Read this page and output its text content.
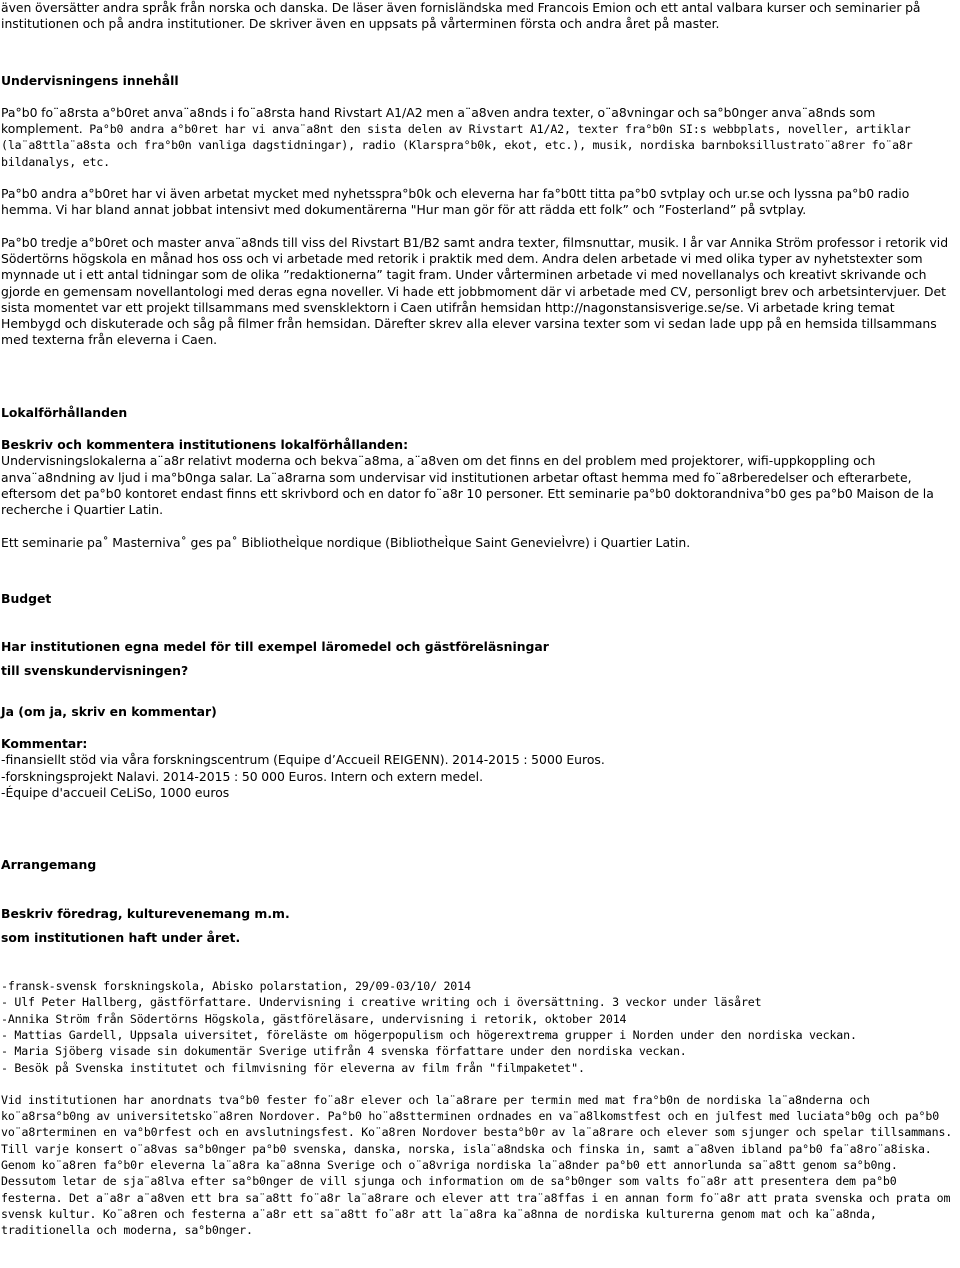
även översätter andra språk från norska och danska. De läser även fornisländska med Francois Emion och ett antal valbara kurser och seminarier på institutionen och på andra institutioner. De skriver även en uppsats på vårterminen första och andra året på master.

Undervisningens innehåll

Pa°b0 fo¨a8rsta a°b0ret anva¨a8nds i fo¨a8rsta hand Rivstart A1/A2 men a¨a8ven andra texter, o¨a8vningar och sa°b0nger anva¨a8nds som komplement. Pa°b0 andra a°b0ret har vi anva¨a8nt den sista delen av Rivstart A1/A2, texter fra°b0n SI:s webbplats, noveller, artiklar (la¨a8ttla¨a8sta och fra°b0n vanliga dagstidningar), radio (Klarspra°b0k, ekot, etc.), musik, nordiska barnboksillustrato¨a8rer fo¨a8r bildanalys, etc.

Pa°b0 andra a°b0ret har vi även arbetat mycket med nyhetsspra°b0k och eleverna har fa°b0tt titta pa°b0 svtplay och ur.se och lyssna pa°b0 radio hemma. Vi har bland annat jobbat intensivt med dokumentärerna "Hur man gör för att rädda ett folk” och ”Fosterland” på svtplay.

Pa°b0 tredje a°b0ret och master anva¨a8nds till viss del Rivstart B1/B2 samt andra texter, filmsnuttar, musik. I år var Annika Ström professor i retorik vid Södertörns högskola en månad hos oss och vi arbetade med retorik i praktik med dem. Andra delen arbetade vi med olika typer av nyhetstexter som mynnade ut i ett antal tidningar som de olika ”redaktionerna” tagit fram. Under vårterminen arbetade vi med novellanalys och kreativt skrivande och gjorde en gemensam novellantologi med deras egna noveller. Vi hade ett jobbmoment där vi arbetade med CV, personligt brev och arbetsintervjuer. Det sista momentet var ett projekt tillsammans med svensklektorn i Caen utifrån hemsidan http://nagonstansisverige.se/se. Vi arbetade kring temat Hembygd och diskuterade och såg på filmer från hemsidan. Därefter skrev alla elever varsina texter som vi sedan lade upp på en hemsida tillsammans med texterna från eleverna i Caen.

Lokalförhållanden

Beskriv och kommentera institutionens lokalförhållanden:

Undervisningslokalerna a¨a8r relativt moderna och bekva¨a8ma, a¨a8ven om det finns en del problem med projektorer, wifi-uppkoppling och anva¨a8ndning av ljud i ma°b0nga salar. La¨a8rarna som undervisar vid institutionen arbetar oftast hemma med fo¨a8rberedelser och efterarbete, eftersom det pa°b0 kontoret endast finns ett skrivbord och en dator fo¨a8r 10 personer. Ett seminarie pa°b0 doktorandniva°b0 ges pa°b0 Maison de la recherche i Quartier Latin.

Ett seminarie pa˚ Masterniva˚ ges pa˚ BibliotheÌque nordique (BibliotheÌque Saint GenevieÌvre) i Quartier Latin.

Budget

Har institutionen egna medel för till exempel läromedel och gästföreläsningar

till svenskundervisningen?

Ja (om ja, skriv en kommentar)

Kommentar:

-finansiellt stöd via våra forskningscentrum (Equipe d’Accueil REIGENN). 2014-2015 : 5000 Euros.

-forskningsprojekt Nalavi. 2014-2015 : 50 000 Euros. Intern och extern medel.

-Équipe d'accueil CeLiSo, 1000 euros

Arrangemang

Beskriv föredrag, kulturevenemang m.m.

som institutionen haft under året.

-fransk-svensk forskningskola, Abisko polarstation, 29/09-03/10/ 2014

- Ulf Peter Hallberg, gästförfattare. Undervisning i creative writing och i översättning. 3 veckor under läsåret

-Annika Ström från Södertörns Högskola, gästföreläsare, undervisning i retorik, oktober 2014

- Mattias Gardell, Uppsala uiversitet, föreläste om högerpopulism och högerextrema grupper i Norden under den nordiska veckan.

- Maria Sjöberg visade sin dokumentär Sverige utifrån 4 svenska författare under den nordiska veckan.

- Besök på Svenska institutet och filmvisning för eleverna av film från "filmpaketet".

Vid institutionen har anordnats tva°b0 fester fo¨a8r elever och la¨a8rare per termin med mat fra°b0n de nordiska la¨a8nderna och ko¨a8rsa°b0ng av universitetsko¨a8ren Nordover. Pa°b0 ho¨a8stterminen ordnades en va¨a8lkomstfest och en julfest med luciata°b0g och pa°b0 vo¨a8rterminen en va°b0rfest och en avslutningsfest. Ko¨a8ren Nordover besta°b0r av la¨a8rare och elever som sjunger och spelar tillsammans. Till varje konsert o¨a8vas sa°b0nger pa°b0 svenska, danska, norska, isla¨a8ndska och finska in, samt a¨a8ven ibland pa°b0 fa¨a8ro¨a8iska. Genom ko¨a8ren fa°b0r eleverna la¨a8ra ka¨a8nna Sverige och o¨a8vriga nordiska la¨a8nder pa°b0 ett annorlunda sa¨a8tt genom sa°b0ng. Dessutom letar de sja¨a8lva efter sa°b0nger de vill sjunga och information om de sa°b0nger som valts fo¨a8r att presentera dem pa°b0 festerna. Det a¨a8r a¨a8ven ett bra sa¨a8tt fo¨a8r la¨a8rare och elever att tra¨a8ffas i en annan form fo¨a8r att prata svenska och prata om svensk kultur. Ko¨a8ren och festerna a¨a8r ett sa¨a8tt fo¨a8r att la¨a8ra ka¨a8nna de nordiska kulturerna genom mat och ka¨a8nda, traditionella och moderna, sa°b0nger.
